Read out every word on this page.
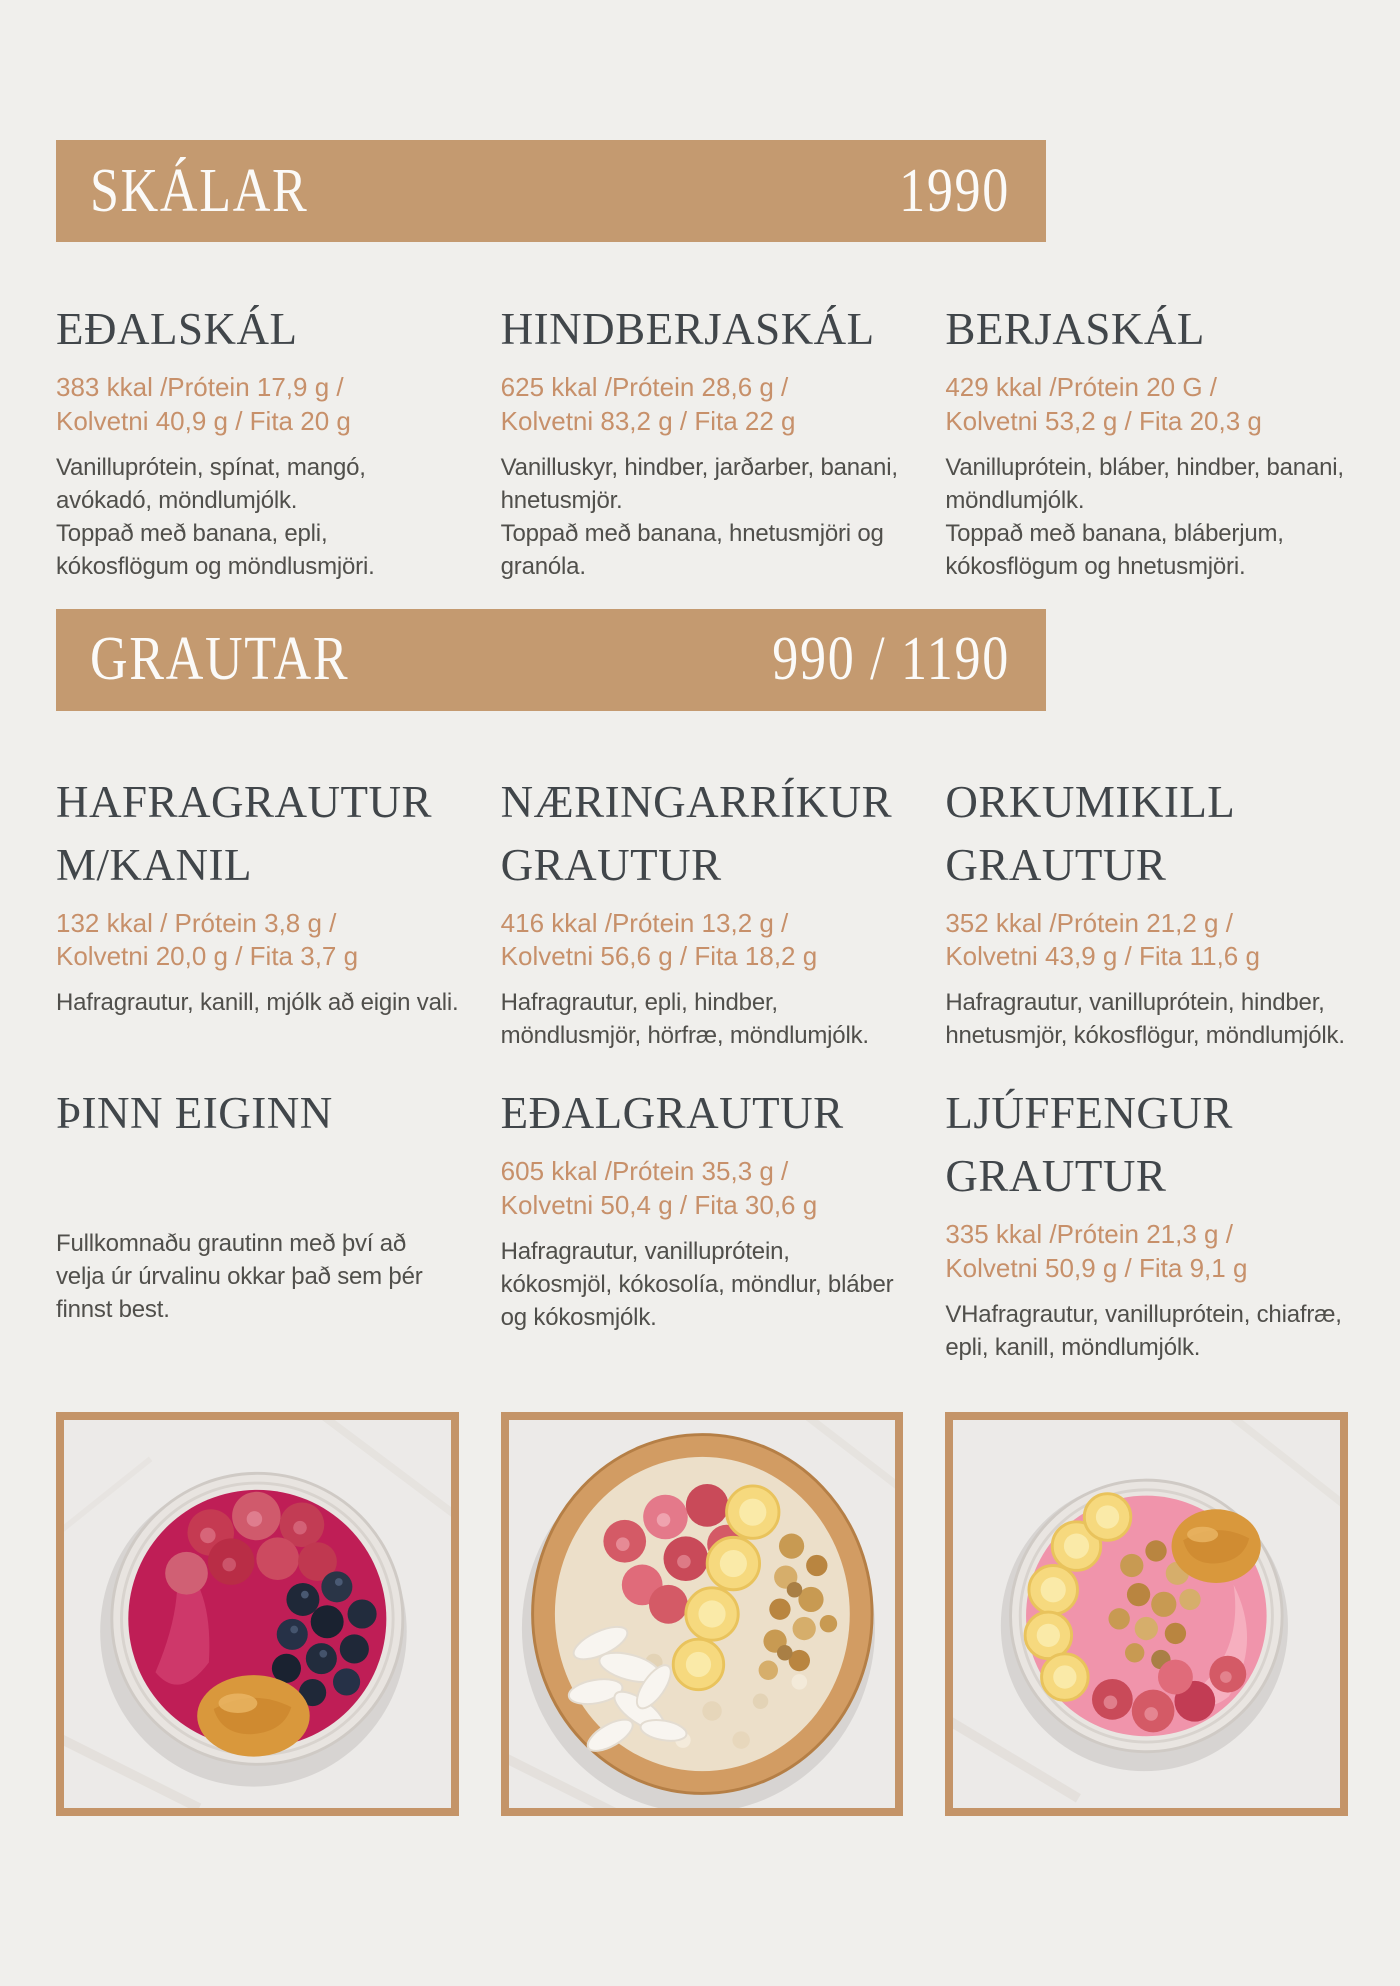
SKÁLAR	1990
EÐALSKÁL

383 kkal /Prótein 17,9 g /
Kolvetni 40,9 g / Fita 20 g

Vanilluprótein, spínat, mangó, avókadó, möndlumjólk.

Toppað með banana, epli, kókosflögum og möndlusmjöri.

HINDBERJASKÁL

625 kkal /Prótein 28,6 g /
Kolvetni 83,2 g / Fita 22 g

Vanilluskyr, hindber, jarðarber, banani, hnetusmjör.

Toppað með banana, hnetusmjöri og granóla.

BERJASKÁL

429 kkal /Prótein 20 G /
Kolvetni 53,2 g / Fita 20,3 g

Vanilluprótein, bláber, hindber, banani, möndlumjólk.

Toppað með banana, bláberjum, kókosflögum og hnetusmjöri.

GRAUTAR	990 / 1190
HAFRAGRAUTUR M/KANIL

132 kkal / Prótein 3,8 g /
Kolvetni 20,0 g / Fita 3,7 g

Hafragrautur, kanill, mjólk að eigin vali.

NÆRINGARRÍKUR GRAUTUR

416 kkal /Prótein 13,2 g /
Kolvetni 56,6 g / Fita 18,2 g

Hafragrautur, epli, hindber, möndlusmjör, hörfræ, möndlumjólk.

ORKUMIKILL GRAUTUR

352 kkal /Prótein 21,2 g /
Kolvetni 43,9 g / Fita 11,6 g

Hafragrautur, vanilluprótein, hindber, hnetusmjör, kókosflögur, möndlumjólk.

ÞINN EIGINN

Fullkomnaðu grautinn með því að velja úr úrvalinu okkar það sem þér finnst best.

EÐALGRAUTUR

605 kkal /Prótein 35,3 g /
Kolvetni 50,4 g / Fita 30,6 g

Hafragrautur, vanilluprótein, kókosmjöl, kókosolía, möndlur, bláber og kókosmjólk.

LJÚFFENGUR GRAUTUR

335 kkal /Prótein 21,3 g /
Kolvetni 50,9 g / Fita 9,1 g

VHafragrautur, vanilluprótein, chiafræ, epli, kanill, möndlumjólk.
